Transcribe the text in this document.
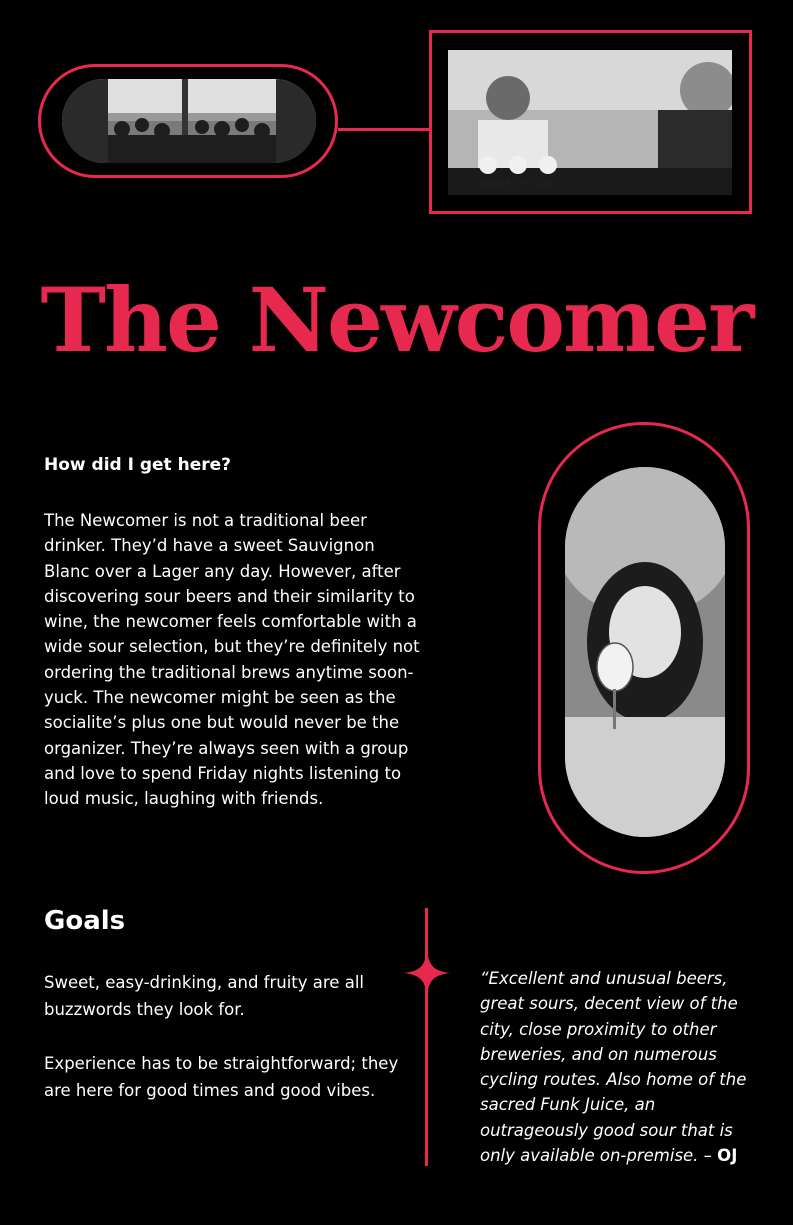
HOUSE OF FUNK
The Newcomer
How did I get here?

The Newcomer is not a traditional beer drinker. They’d have a sweet Sauvignon Blanc over a Lager any day. However, after discovering sour beers and their similarity to wine, the newcomer feels comfortable with a wide sour selection, but they’re definitely not ordering the traditional brews anytime soon- yuck. The newcomer might be seen as the socialite’s plus one but would never be the organizer. They’re always seen with a group and love to spend Friday nights listening to loud music, laughing with friends.

Goals

Sweet, easy-drinking, and fruity are all buzzwords they look for.

Experience has to be straightforward; they are here for good times and good vibes.

“Excellent and unusual beers, great sours, decent view of the city, close proximity to other breweries, and on numerous cycling routes. Also home of the sacred Funk Juice, an outrageously good sour that is only available on-premise. – OJ
